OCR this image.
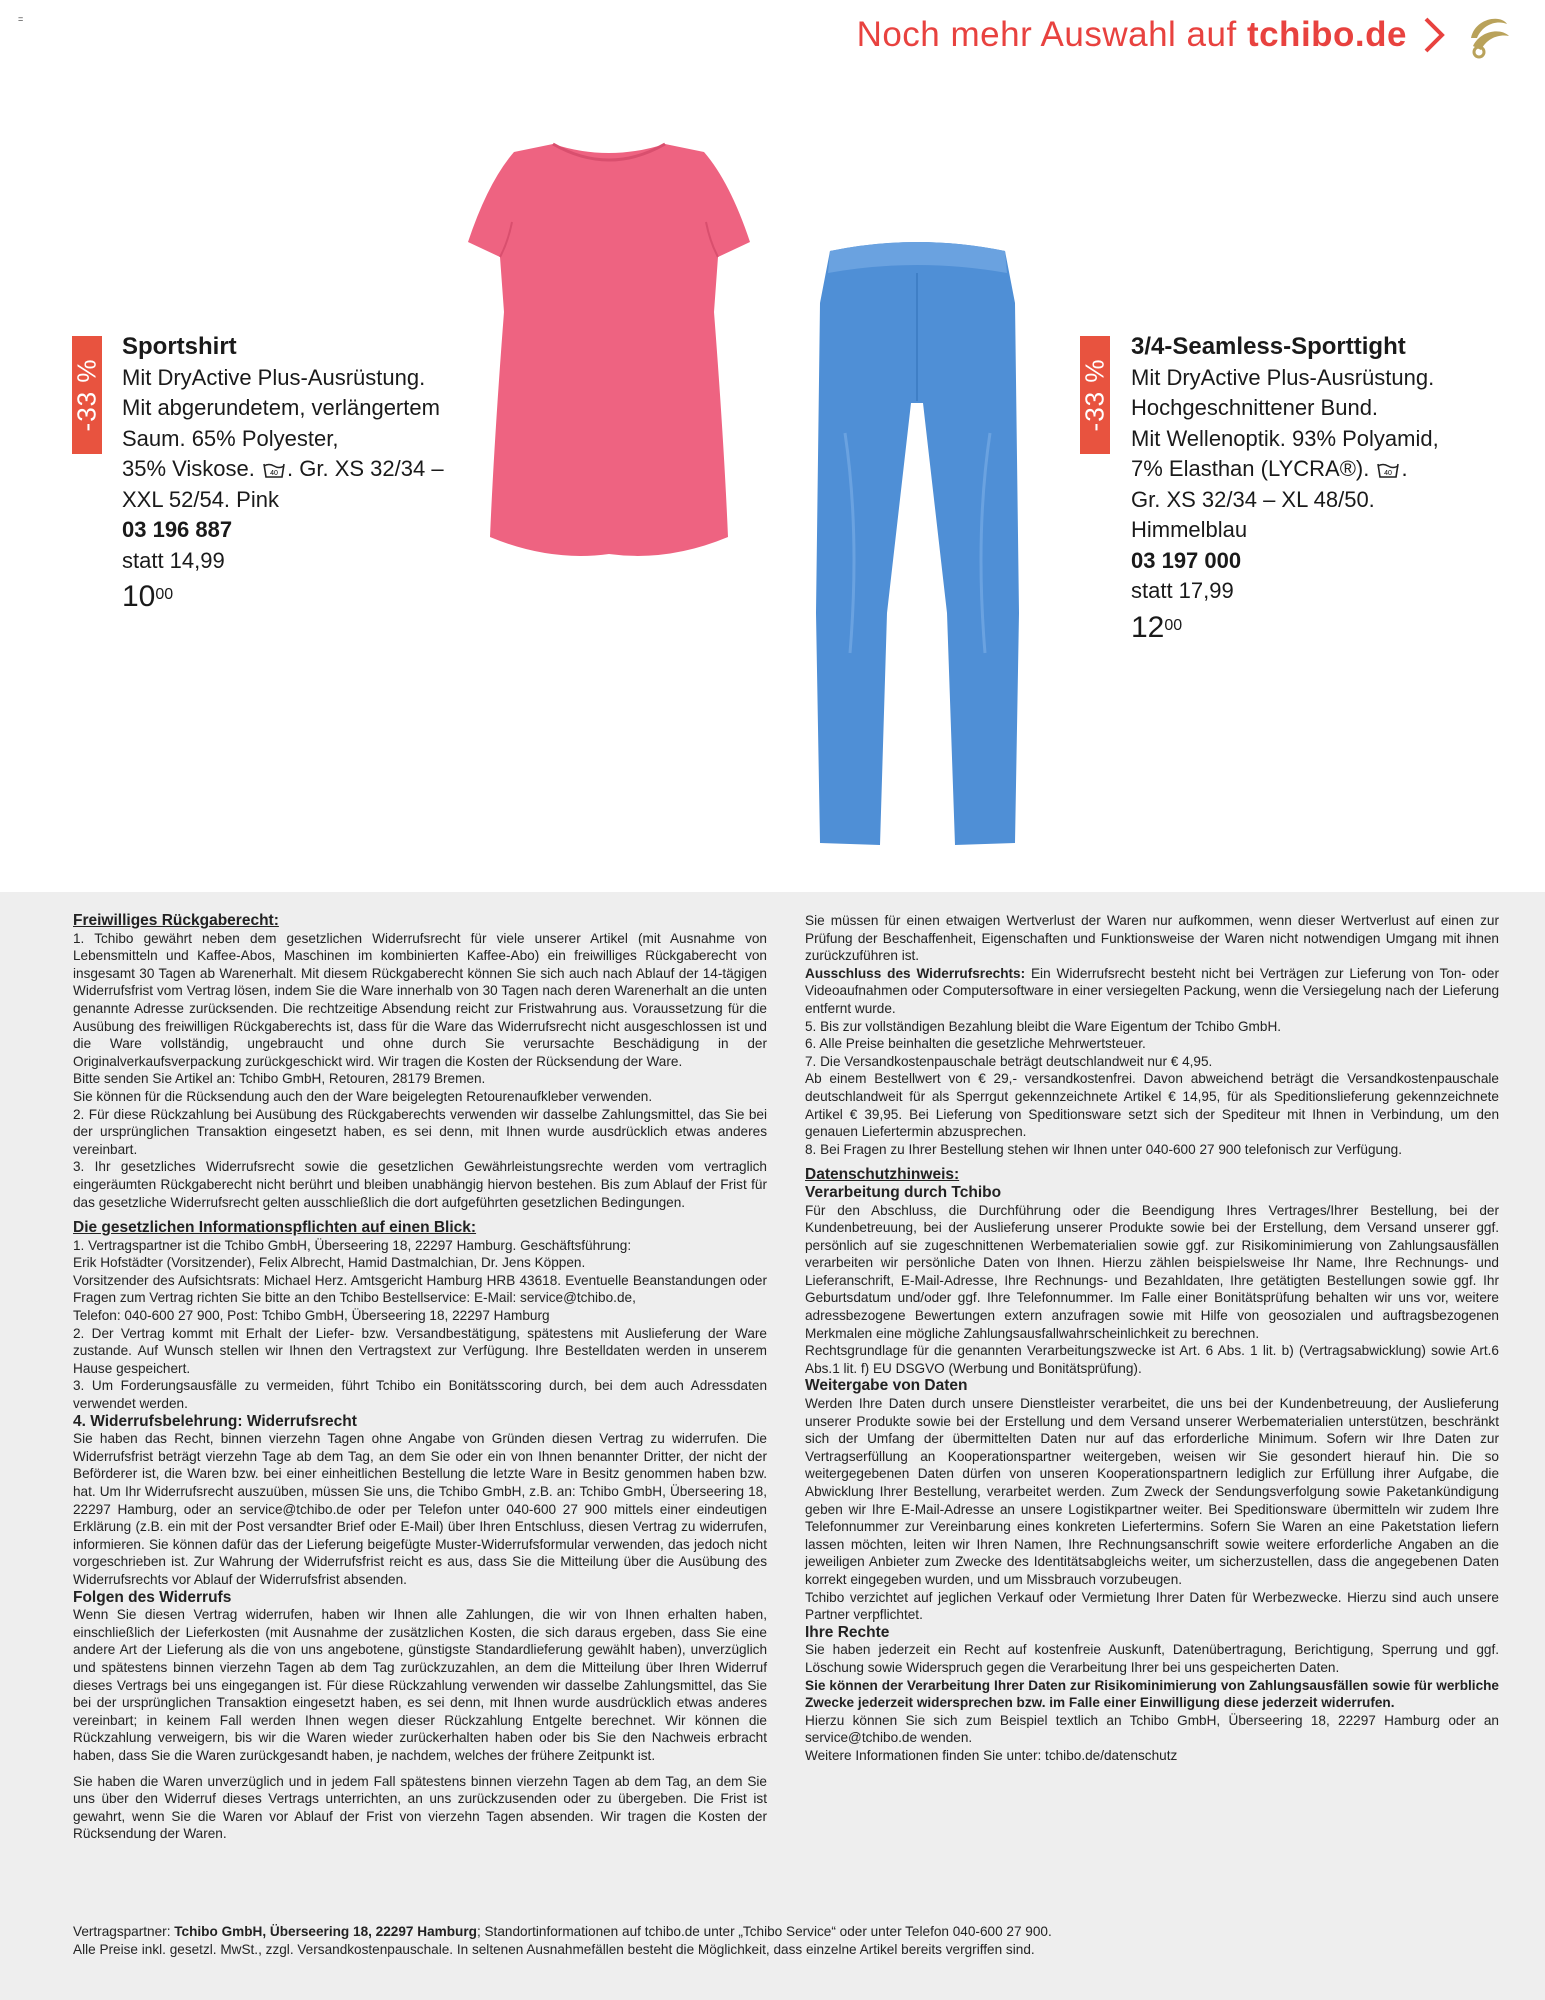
=	Noch mehr Auswahl auf tchibo.de
-33 %
Sportshirt
Mit DryActive Plus-Ausrüstung.
Mit abgerundetem, verlängertem
Saum. 65% Polyester,
35% Viskose. 40 . Gr. XS 32/34 –
XXL 52/54. Pink
03 196 887
statt 14,99
$10^{00}$
-33 %
3/4-Seamless-Sporttight
Mit DryActive Plus-Ausrüstung.
Hochgeschnittener Bund.
Mit Wellenoptik. 93% Polyamid,
7% Elasthan (LYCRA®). 40 .
Gr. XS 32/34 – XL 48/50.
Himmelblau
03 197 000
statt 17,99
$12^{00}$

Freiwilliges Rückgaberecht:

1. Tchibo gewährt neben dem gesetzlichen Widerrufsrecht für viele unserer Artikel (mit Ausnahme von Lebensmitteln und Kaffee-Abos, Maschinen im kombinierten Kaffee-Abo) ein freiwilliges Rückgaberecht von insgesamt 30 Tagen ab Warenerhalt. Mit diesem Rückgaberecht können Sie sich auch nach Ablauf der 14-tägigen Widerrufsfrist vom Vertrag lösen, indem Sie die Ware innerhalb von 30 Tagen nach deren Warenerhalt an die unten genannte Adresse zurücksenden. Die rechtzeitige Absendung reicht zur Fristwahrung aus. Voraussetzung für die Ausübung des freiwilligen Rückgaberechts ist, dass für die Ware das Widerrufsrecht nicht ausgeschlossen ist und die Ware vollständig, ungebraucht und ohne durch Sie verursachte Beschädigung in der Originalverkaufsverpackung zurückgeschickt wird. Wir tragen die Kosten der Rücksendung der Ware.

Bitte senden Sie Artikel an: Tchibo GmbH, Retouren, 28179 Bremen.

Sie können für die Rücksendung auch den der Ware beigelegten Retourenaufkleber verwenden.

2. Für diese Rückzahlung bei Ausübung des Rückgaberechts verwenden wir dasselbe Zahlungsmittel, das Sie bei der ursprünglichen Transaktion eingesetzt haben, es sei denn, mit Ihnen wurde ausdrücklich etwas anderes vereinbart.

3. Ihr gesetzliches Widerrufsrecht sowie die gesetzlichen Gewährleistungsrechte werden vom vertraglich eingeräumten Rückgaberecht nicht berührt und bleiben unabhängig hiervon bestehen. Bis zum Ablauf der Frist für das gesetzliche Widerrufsrecht gelten ausschließlich die dort aufgeführten gesetzlichen Bedingungen.

Die gesetzlichen Informationspflichten auf einen Blick:

1. Vertragspartner ist die Tchibo GmbH, Überseering 18, 22297 Hamburg. Geschäftsführung:

Erik Hofstädter (Vorsitzender), Felix Albrecht, Hamid Dastmalchian, Dr. Jens Köppen.

Vorsitzender des Aufsichtsrats: Michael Herz. Amtsgericht Hamburg HRB 43618. Eventuelle Beanstandungen oder Fragen zum Vertrag richten Sie bitte an den Tchibo Bestellservice: E-Mail: service@tchibo.de,

Telefon: 040-600 27 900, Post: Tchibo GmbH, Überseering 18, 22297 Hamburg

2. Der Vertrag kommt mit Erhalt der Liefer- bzw. Versandbestätigung, spätestens mit Auslieferung der Ware zustande. Auf Wunsch stellen wir Ihnen den Vertragstext zur Verfügung. Ihre Bestelldaten werden in unserem Hause gespeichert.

3. Um Forderungsausfälle zu vermeiden, führt Tchibo ein Bonitätsscoring durch, bei dem auch Adressdaten verwendet werden.

4. Widerrufsbelehrung: Widerrufsrecht

Sie haben das Recht, binnen vierzehn Tagen ohne Angabe von Gründen diesen Vertrag zu widerrufen. Die Widerrufsfrist beträgt vierzehn Tage ab dem Tag, an dem Sie oder ein von Ihnen benannter Dritter, der nicht der Beförderer ist, die Waren bzw. bei einer einheitlichen Bestellung die letzte Ware in Besitz genommen haben bzw. hat. Um Ihr Widerrufsrecht auszuüben, müssen Sie uns, die Tchibo GmbH, z.B. an: Tchibo GmbH, Überseering 18, 22297 Hamburg, oder an service@tchibo.de oder per Telefon unter 040-600 27 900 mittels einer eindeutigen Erklärung (z.B. ein mit der Post versandter Brief oder E-Mail) über Ihren Entschluss, diesen Vertrag zu widerrufen, informieren. Sie können dafür das der Lieferung beigefügte Muster-Widerrufsformular verwenden, das jedoch nicht vorgeschrieben ist. Zur Wahrung der Widerrufsfrist reicht es aus, dass Sie die Mitteilung über die Ausübung des Widerrufsrechts vor Ablauf der Widerrufsfrist absenden.

Folgen des Widerrufs

Wenn Sie diesen Vertrag widerrufen, haben wir Ihnen alle Zahlungen, die wir von Ihnen erhalten haben, einschließlich der Lieferkosten (mit Ausnahme der zusätzlichen Kosten, die sich daraus ergeben, dass Sie eine andere Art der Lieferung als die von uns angebotene, günstigste Standardlieferung gewählt haben), unverzüglich und spätestens binnen vierzehn Tagen ab dem Tag zurückzuzahlen, an dem die Mitteilung über Ihren Widerruf dieses Vertrags bei uns eingegangen ist. Für diese Rückzahlung verwenden wir dasselbe Zahlungsmittel, das Sie bei der ursprünglichen Transaktion eingesetzt haben, es sei denn, mit Ihnen wurde ausdrücklich etwas anderes vereinbart; in keinem Fall werden Ihnen wegen dieser Rückzahlung Entgelte berechnet. Wir können die Rückzahlung verweigern, bis wir die Waren wieder zurückerhalten haben oder bis Sie den Nachweis erbracht haben, dass Sie die Waren zurückgesandt haben, je nachdem, welches der frühere Zeitpunkt ist.

Sie haben die Waren unverzüglich und in jedem Fall spätestens binnen vierzehn Tagen ab dem Tag, an dem Sie uns über den Widerruf dieses Vertrags unterrichten, an uns zurückzusenden oder zu übergeben. Die Frist ist gewahrt, wenn Sie die Waren vor Ablauf der Frist von vierzehn Tagen absenden. Wir tragen die Kosten der Rücksendung der Waren.

Sie müssen für einen etwaigen Wertverlust der Waren nur aufkommen, wenn dieser Wertverlust auf einen zur Prüfung der Beschaffenheit, Eigenschaften und Funktionsweise der Waren nicht notwendigen Umgang mit ihnen zurückzuführen ist.

Ausschluss des Widerrufsrechts: Ein Widerrufsrecht besteht nicht bei Verträgen zur Lieferung von Ton- oder Videoaufnahmen oder Computersoftware in einer versiegelten Packung, wenn die Versiegelung nach der Lieferung entfernt wurde.

5. Bis zur vollständigen Bezahlung bleibt die Ware Eigentum der Tchibo GmbH.

6. Alle Preise beinhalten die gesetzliche Mehrwertsteuer.

7. Die Versandkostenpauschale beträgt deutschlandweit nur € 4,95.

Ab einem Bestellwert von € 29,- versandkostenfrei. Davon abweichend beträgt die Versandkostenpauschale deutschlandweit für als Sperrgut gekennzeichnete Artikel € 14,95, für als Speditionslieferung gekennzeichnete Artikel € 39,95. Bei Lieferung von Speditionsware setzt sich der Spediteur mit Ihnen in Verbindung, um den genauen Liefertermin abzusprechen.

8. Bei Fragen zu Ihrer Bestellung stehen wir Ihnen unter 040-600 27 900 telefonisch zur Verfügung.

Datenschutzhinweis:

Verarbeitung durch Tchibo

Für den Abschluss, die Durchführung oder die Beendigung Ihres Vertrages/Ihrer Bestellung, bei der Kundenbetreuung, bei der Auslieferung unserer Produkte sowie bei der Erstellung, dem Versand unserer ggf. persönlich auf sie zugeschnittenen Werbematerialien sowie ggf. zur Risikominimierung von Zahlungsausfällen verarbeiten wir persönliche Daten von Ihnen. Hierzu zählen beispielsweise Ihr Name, Ihre Rechnungs- und Lieferanschrift, E-Mail-Adresse, Ihre Rechnungs- und Bezahldaten, Ihre getätigten Bestellungen sowie ggf. Ihr Geburtsdatum und/oder ggf. Ihre Telefonnummer. Im Falle einer Bonitätsprüfung behalten wir uns vor, weitere adressbezogene Bewertungen extern anzufragen sowie mit Hilfe von geosozialen und auftragsbezogenen Merkmalen eine mögliche Zahlungsausfallwahrscheinlichkeit zu berechnen.

Rechtsgrundlage für die genannten Verarbeitungszwecke ist Art. 6 Abs. 1 lit. b) (Vertragsabwicklung) sowie Art.6 Abs.1 lit. f) EU DSGVO (Werbung und Bonitätsprüfung).

Weitergabe von Daten

Werden Ihre Daten durch unsere Dienstleister verarbeitet, die uns bei der Kundenbetreuung, der Auslieferung unserer Produkte sowie bei der Erstellung und dem Versand unserer Werbematerialien unterstützen, beschränkt sich der Umfang der übermittelten Daten nur auf das erforderliche Minimum. Sofern wir Ihre Daten zur Vertragserfüllung an Kooperationspartner weitergeben, weisen wir Sie gesondert hierauf hin. Die so weitergegebenen Daten dürfen von unseren Kooperationspartnern lediglich zur Erfüllung ihrer Aufgabe, die Abwicklung Ihrer Bestellung, verarbeitet werden. Zum Zweck der Sendungsverfolgung sowie Paketankündigung geben wir Ihre E-Mail-Adresse an unsere Logistikpartner weiter. Bei Speditionsware übermitteln wir zudem Ihre Telefonnummer zur Vereinbarung eines konkreten Liefertermins. Sofern Sie Waren an eine Paketstation liefern lassen möchten, leiten wir Ihren Namen, Ihre Rechnungsanschrift sowie weitere erforderliche Angaben an die jeweiligen Anbieter zum Zwecke des Identitätsabgleichs weiter, um sicherzustellen, dass die angegebenen Daten korrekt eingegeben wurden, und um Missbrauch vorzubeugen.

Tchibo verzichtet auf jeglichen Verkauf oder Vermietung Ihrer Daten für Werbezwecke. Hierzu sind auch unsere Partner verpflichtet.

Ihre Rechte

Sie haben jederzeit ein Recht auf kostenfreie Auskunft, Datenübertragung, Berichtigung, Sperrung und ggf. Löschung sowie Widerspruch gegen die Verarbeitung Ihrer bei uns gespeicherten Daten.

Sie können der Verarbeitung Ihrer Daten zur Risikominimierung von Zahlungsausfällen sowie für werbliche Zwecke jederzeit widersprechen bzw. im Falle einer Einwilligung diese jederzeit widerrufen.

Hierzu können Sie sich zum Beispiel textlich an Tchibo GmbH, Überseering 18, 22297 Hamburg oder an service@tchibo.de wenden.

Weitere Informationen finden Sie unter: tchibo.de/datenschutz

Vertragspartner: Tchibo GmbH, Überseering 18, 22297 Hamburg; Standortinformationen auf tchibo.de unter „Tchibo Service“ oder unter Telefon 040-600 27 900.
Alle Preise inkl. gesetzl. MwSt., zzgl. Versandkostenpauschale. In seltenen Ausnahmefällen besteht die Möglichkeit, dass einzelne Artikel bereits vergriffen sind.
